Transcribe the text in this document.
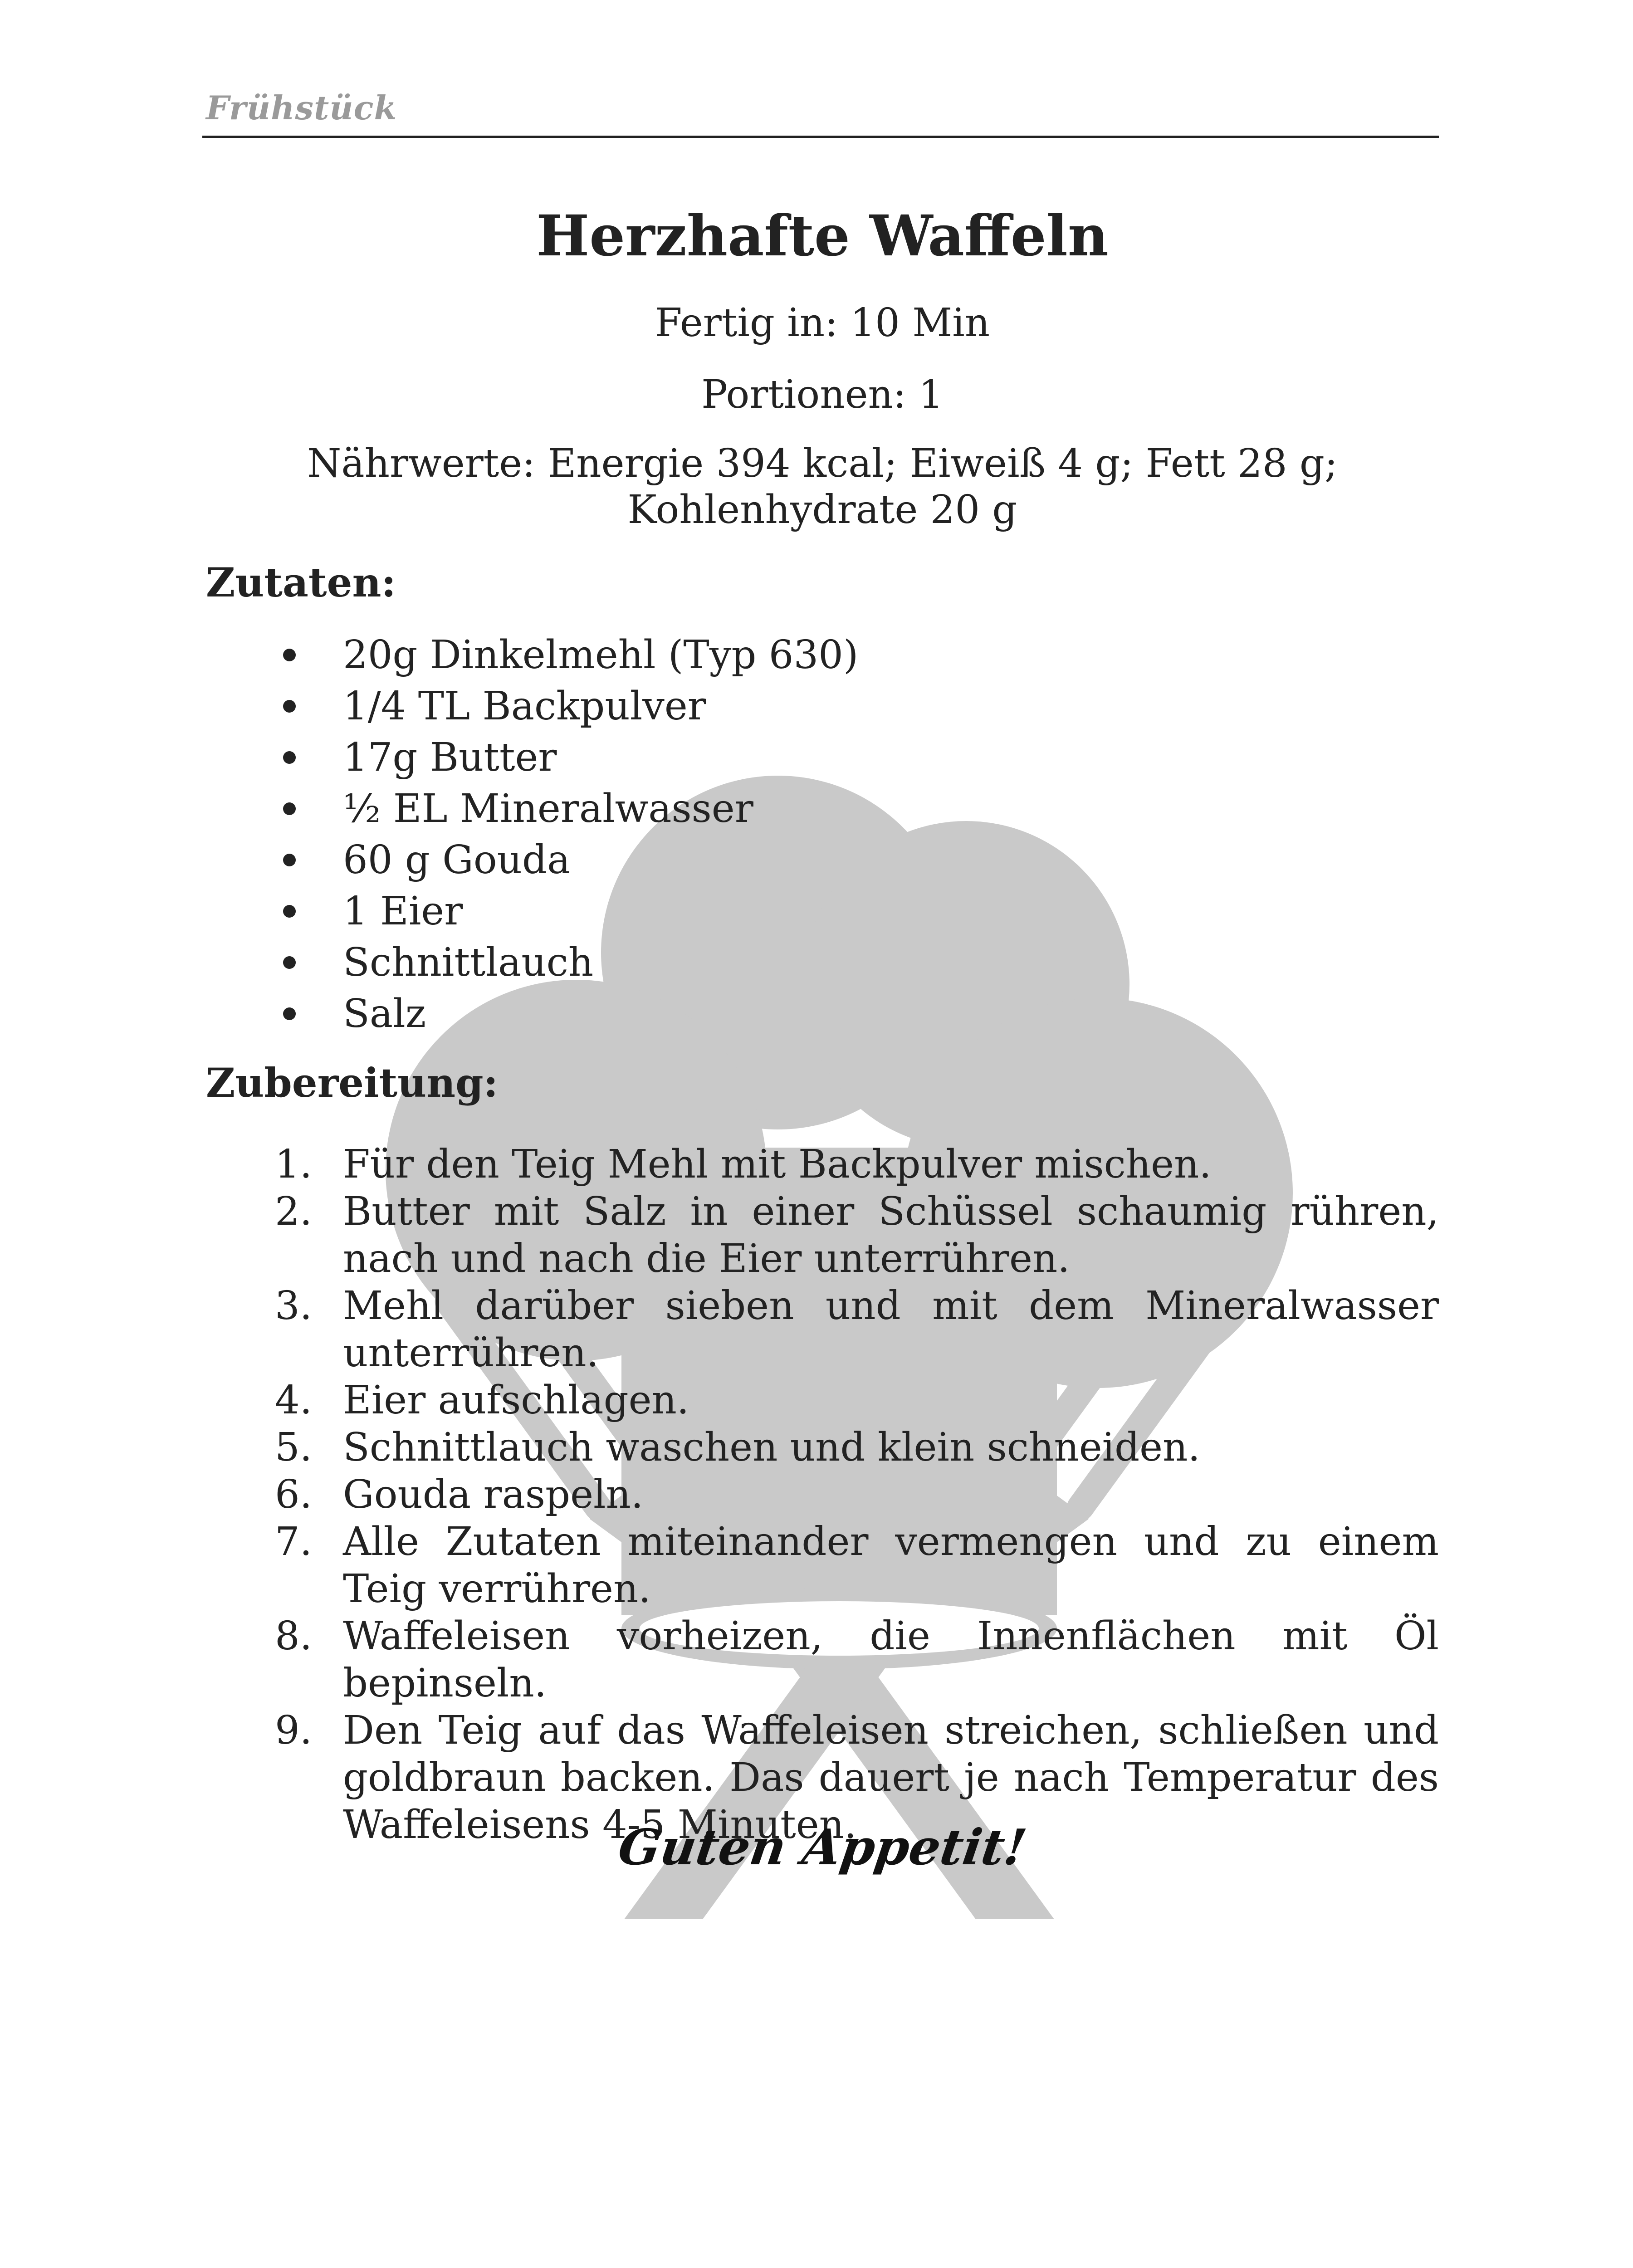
Frühstück
Herzhafte Waffeln
Fertig in: 10 Min
Portionen: 1
Nährwerte: Energie 394 kcal; Eiweiß 4 g; Fett 28 g;
Kohlenhydrate 20 g
Zutaten:
20g Dinkelmehl (Typ 630)
1/4 TL Backpulver
17g Butter
½ EL Mineralwasser
60 g Gouda
1 Eier
Schnittlauch
Salz
Zubereitung:
1. Für den Teig Mehl mit Backpulver mischen.
2. Butter mit Salz in einer Schüssel schaumig rühren, nach und nach die Eier unterrühren.
3. Mehl darüber sieben und mit dem Mineralwasser unterrühren.
4. Eier aufschlagen.
5. Schnittlauch waschen und klein schneiden.
6. Gouda raspeln.
7. Alle Zutaten miteinander vermengen und zu einem Teig verrühren.
8. Waffeleisen vorheizen, die Innenflächen mit Öl bepinseln.
9. Den Teig auf das Waffeleisen streichen, schließen und goldbraun backen. Das dauert je nach Temperatur des Waffeleisens 4-5 Minuten.
Guten Appetit!
